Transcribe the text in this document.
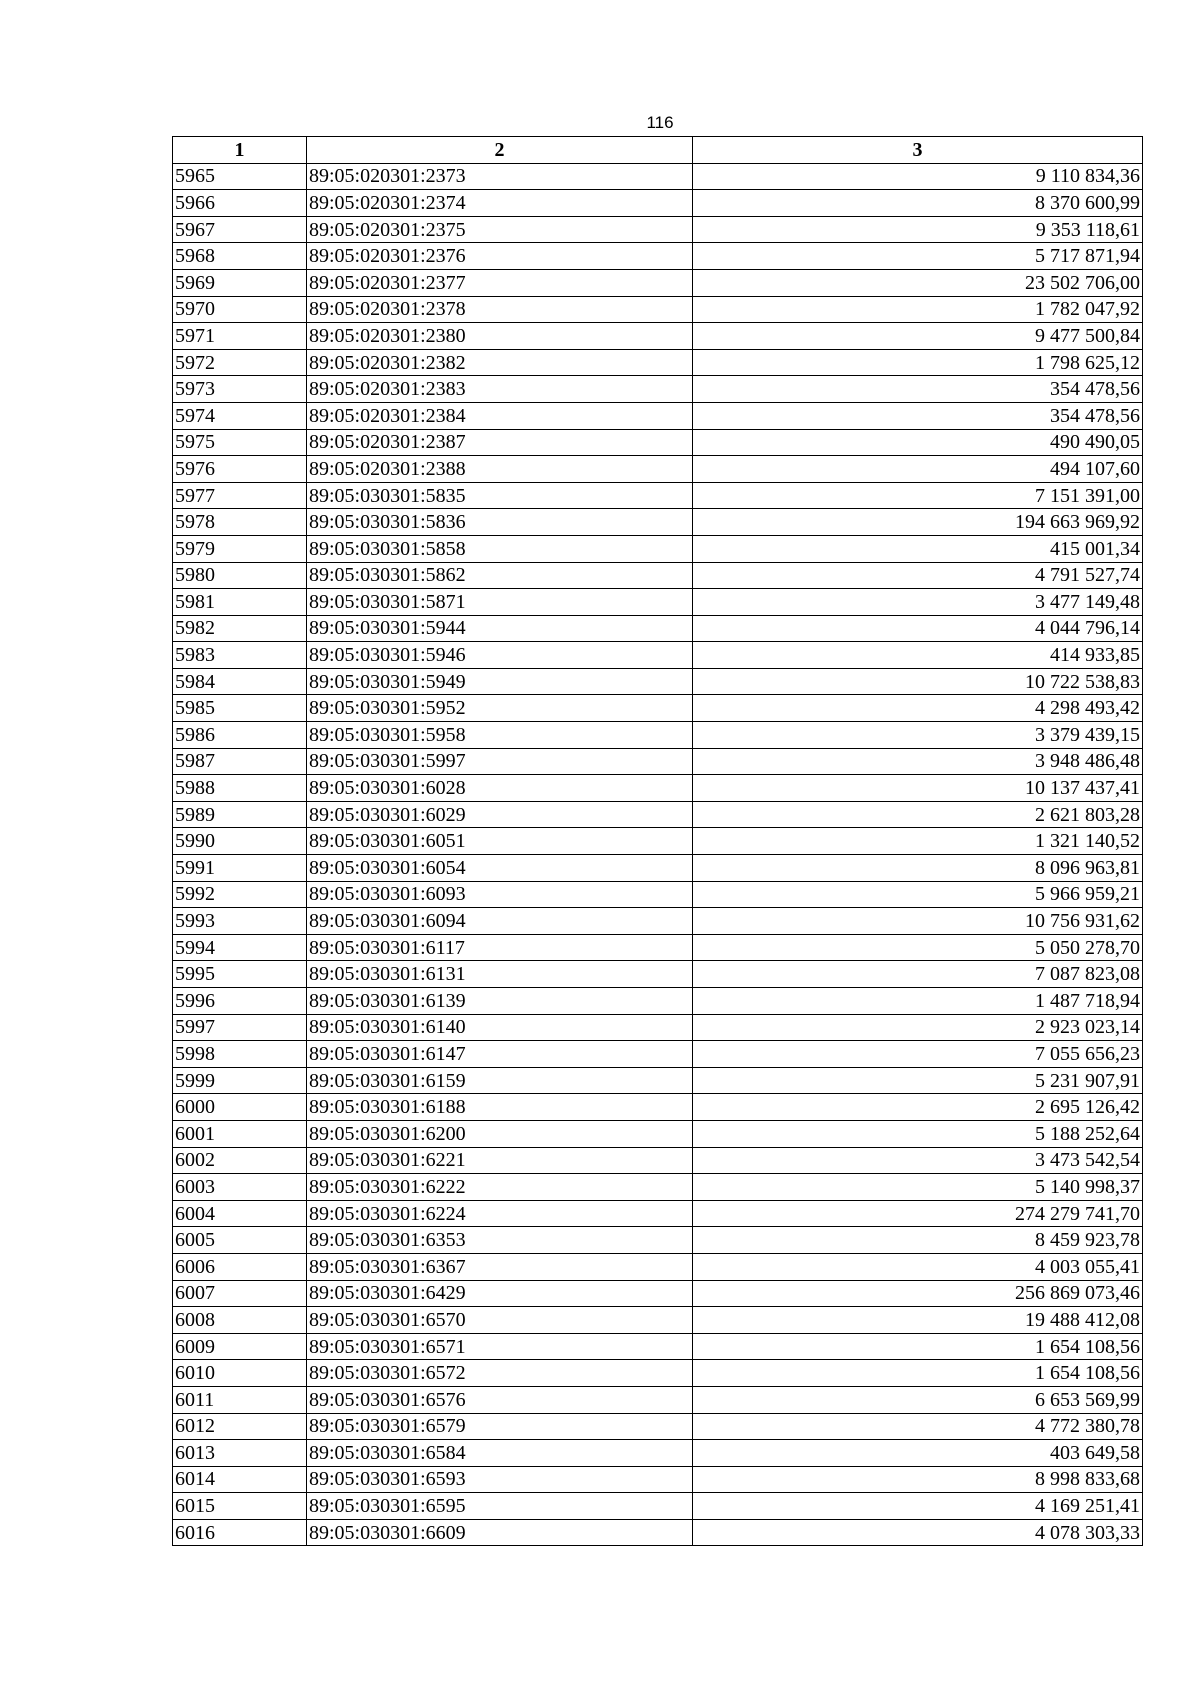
116
1	2	3
5965	89:05:020301:2373	9 110 834,36
5966	89:05:020301:2374	8 370 600,99
5967	89:05:020301:2375	9 353 118,61
5968	89:05:020301:2376	5 717 871,94
5969	89:05:020301:2377	23 502 706,00
5970	89:05:020301:2378	1 782 047,92
5971	89:05:020301:2380	9 477 500,84
5972	89:05:020301:2382	1 798 625,12
5973	89:05:020301:2383	354 478,56
5974	89:05:020301:2384	354 478,56
5975	89:05:020301:2387	490 490,05
5976	89:05:020301:2388	494 107,60
5977	89:05:030301:5835	7 151 391,00
5978	89:05:030301:5836	194 663 969,92
5979	89:05:030301:5858	415 001,34
5980	89:05:030301:5862	4 791 527,74
5981	89:05:030301:5871	3 477 149,48
5982	89:05:030301:5944	4 044 796,14
5983	89:05:030301:5946	414 933,85
5984	89:05:030301:5949	10 722 538,83
5985	89:05:030301:5952	4 298 493,42
5986	89:05:030301:5958	3 379 439,15
5987	89:05:030301:5997	3 948 486,48
5988	89:05:030301:6028	10 137 437,41
5989	89:05:030301:6029	2 621 803,28
5990	89:05:030301:6051	1 321 140,52
5991	89:05:030301:6054	8 096 963,81
5992	89:05:030301:6093	5 966 959,21
5993	89:05:030301:6094	10 756 931,62
5994	89:05:030301:6117	5 050 278,70
5995	89:05:030301:6131	7 087 823,08
5996	89:05:030301:6139	1 487 718,94
5997	89:05:030301:6140	2 923 023,14
5998	89:05:030301:6147	7 055 656,23
5999	89:05:030301:6159	5 231 907,91
6000	89:05:030301:6188	2 695 126,42
6001	89:05:030301:6200	5 188 252,64
6002	89:05:030301:6221	3 473 542,54
6003	89:05:030301:6222	5 140 998,37
6004	89:05:030301:6224	274 279 741,70
6005	89:05:030301:6353	8 459 923,78
6006	89:05:030301:6367	4 003 055,41
6007	89:05:030301:6429	256 869 073,46
6008	89:05:030301:6570	19 488 412,08
6009	89:05:030301:6571	1 654 108,56
6010	89:05:030301:6572	1 654 108,56
6011	89:05:030301:6576	6 653 569,99
6012	89:05:030301:6579	4 772 380,78
6013	89:05:030301:6584	403 649,58
6014	89:05:030301:6593	8 998 833,68
6015	89:05:030301:6595	4 169 251,41
6016	89:05:030301:6609	4 078 303,33
